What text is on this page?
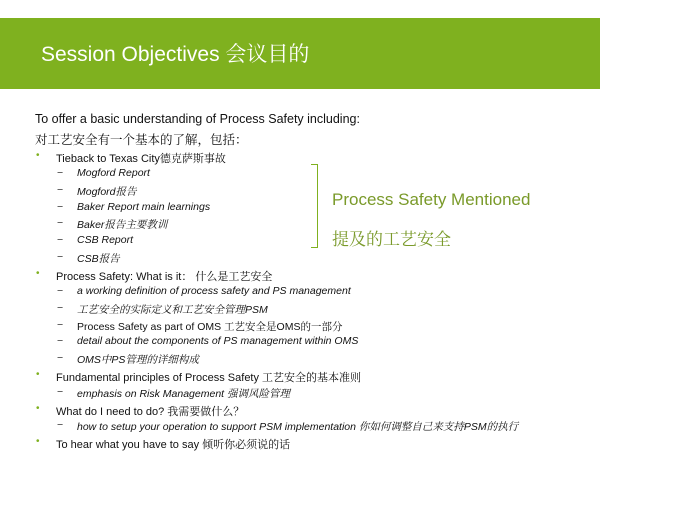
Session Objectives 会议目的
To offer a basic understanding of Process Safety including:
对工艺安全有一个基本的了解，包括：
• Tieback to Texas City德克萨斯事故
− Mogford Report
− Mogford报告
− Baker Report main learnings
− Baker报告主要教训
− CSB Report
− CSB报告
• Process Safety: What is it： 什么是工艺安全
− a working definition of process safety and PS management
− 工艺安全的实际定义和工艺安全管理PSM
− Process Safety as part of OMS 工艺安全是OMS的一部分
− detail about the components of PS management within OMS
− OMS中PS管理的详细构成
• Fundamental principles of Process Safety 工艺安全的基本准则
− emphasis on Risk Management 强调风险管理
• What do I need to do? 我需要做什么？
− how to setup your operation to support PSM implementation 你如何调整自己来支持PSM的执行
• To hear what you have to say 倾听你必须说的话
Process Safety Mentioned
提及的工艺安全
